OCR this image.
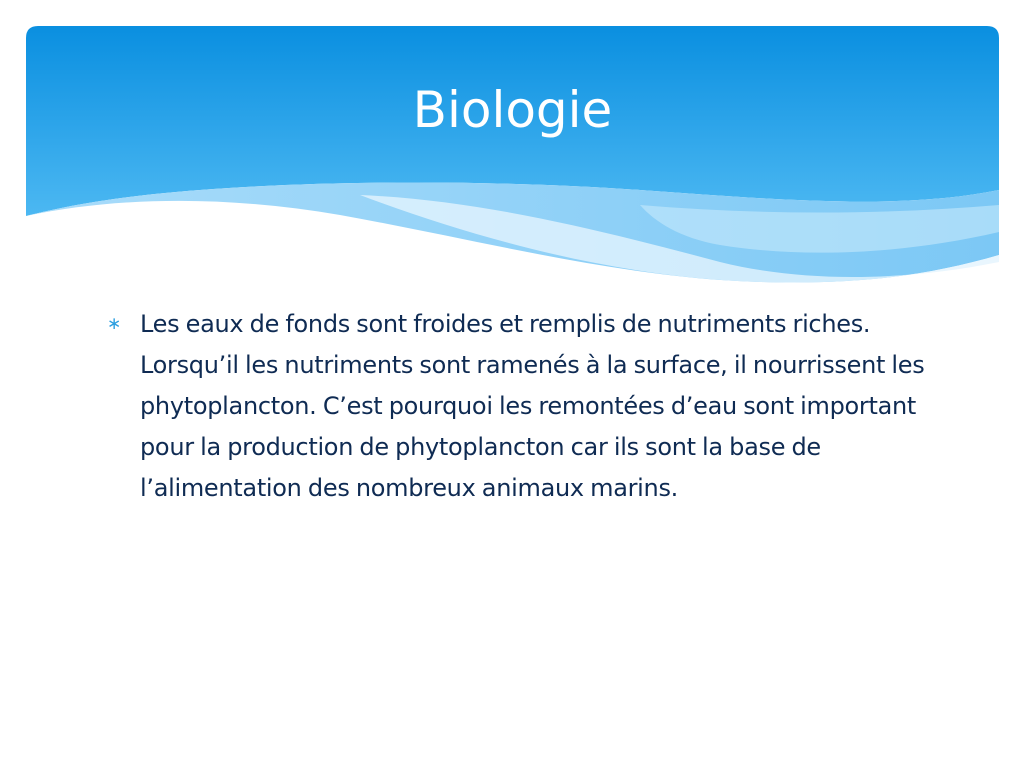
Biologie
∗ Les eaux de fonds sont froides et remplis de nutriments riches. Lorsqu’il les nutriments sont ramenés à la surface, il nourrissent les phytoplancton. C’est pourquoi les remontées d’eau sont important pour la production de phytoplancton car ils sont la base de l’alimentation des nombreux animaux marins.
